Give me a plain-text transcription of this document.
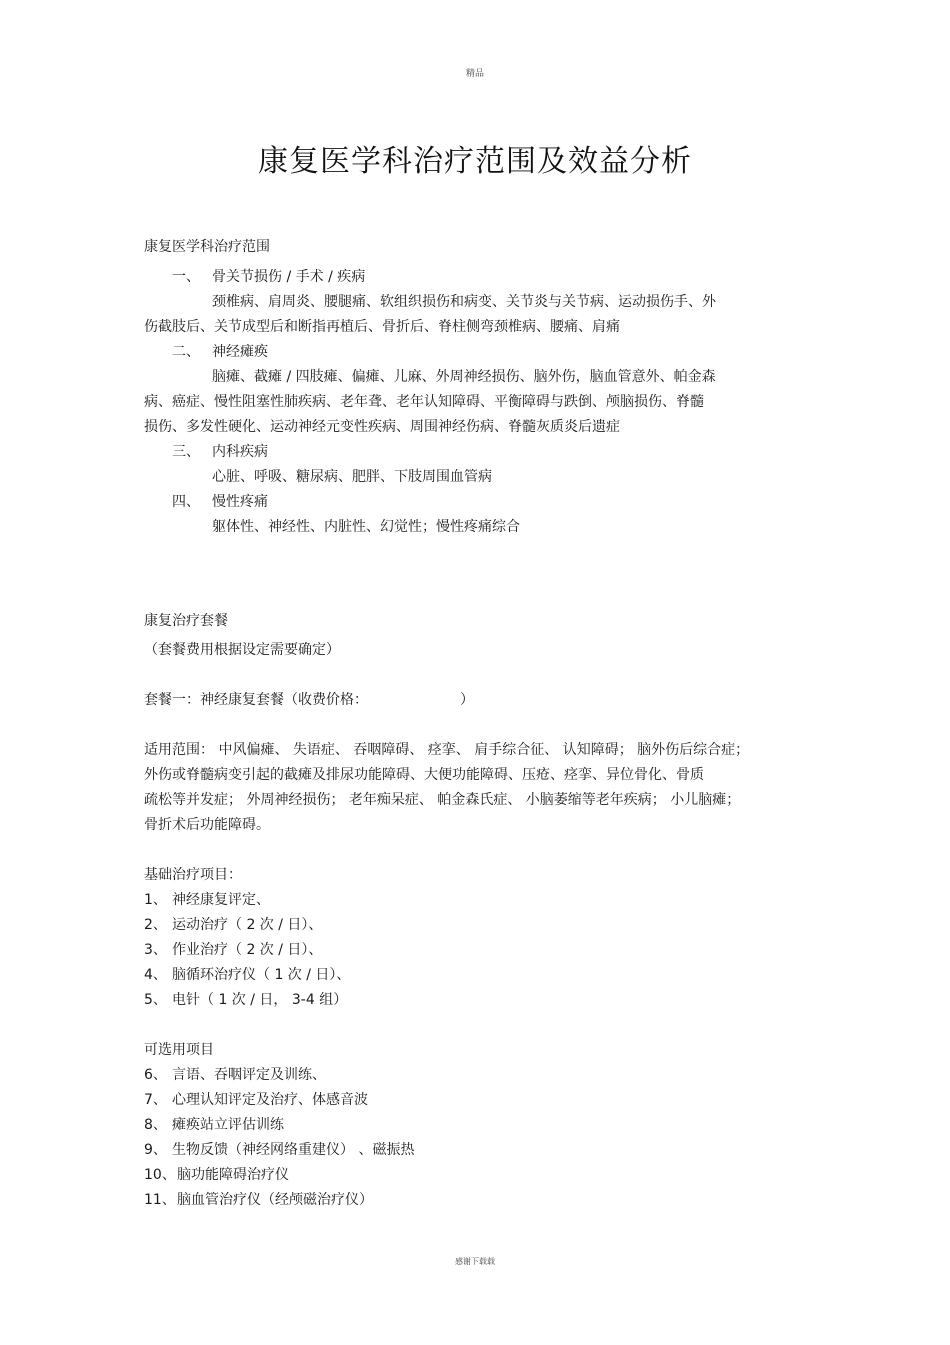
精品
康复医学科治疗范围及效益分析
康复医学科治疗范围
一、 骨关节损伤 / 手术 / 疾病
颈椎病、肩周炎、腰腿痛、软组织损伤和病变、关节炎与关节病、运动损伤手、外
伤截肢后、关节成型后和断指再植后、骨折后、脊柱侧弯颈椎病、腰痛、肩痛
二、 神经瘫痪
脑瘫、截瘫 / 四肢瘫、偏瘫、儿麻、外周神经损伤、脑外伤，脑血管意外、帕金森
病、癌症、慢性阻塞性肺疾病、老年聋、老年认知障碍、平衡障碍与跌倒、颅脑损伤、脊髓
损伤、多发性硬化、运动神经元变性疾病、周围神经伤病、脊髓灰质炎后遗症
三、 内科疾病
心脏、呼吸、糖尿病、肥胖、下肢周围血管病
四、 慢性疼痛
躯体性、神经性、内脏性、幻觉性；慢性疼痛综合
康复治疗套餐
（套餐费用根据设定需要确定）
套餐一：神经康复套餐（收费价格：	）
适用范围： 中风偏瘫、 失语症、 吞咽障碍、 痉挛、 肩手综合征、 认知障碍； 脑外伤后综合症；
外伤或脊髓病变引起的截瘫及排尿功能障碍、大便功能障碍、压疮、痉挛、异位骨化、骨质
疏松等并发症； 外周神经损伤； 老年痴呆症、 帕金森氏症、 小脑萎缩等老年疾病； 小儿脑瘫；
骨折术后功能障碍。
基础治疗项目：
1、 神经康复评定、
2、 运动治疗（ 2 次 / 日）、
3、 作业治疗（ 2 次 / 日）、
4、 脑循环治疗仪（ 1 次 / 日）、
5、 电针（ 1 次 / 日， 3-4 组）
可选用项目
6、 言语、吞咽评定及训练、
7、 心理认知评定及治疗、体感音波
8、 瘫痪站立评估训练
9、 生物反馈（神经网络重建仪） 、磁振热
10、脑功能障碍治疗仪
11、脑血管治疗仪（经颅磁治疗仪）
感谢下载载
